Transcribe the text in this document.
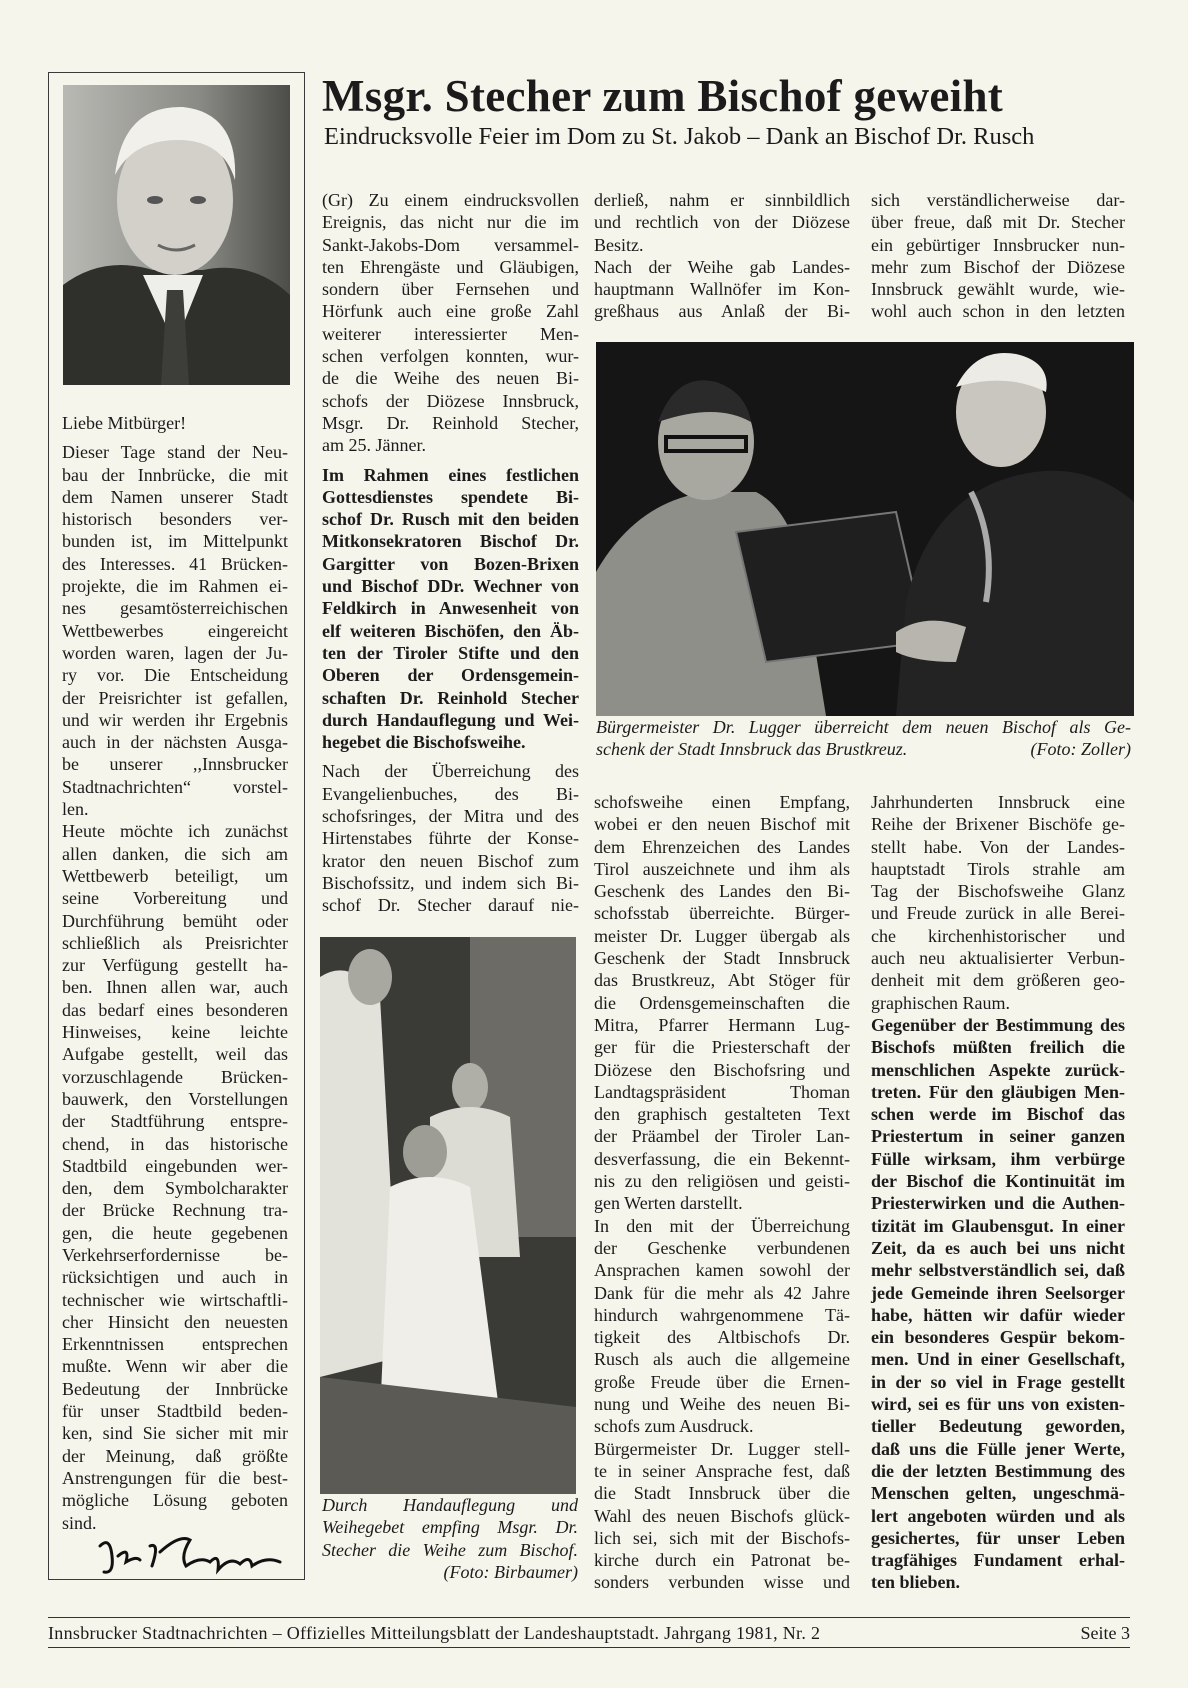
Msgr. Stecher zum Bischof geweiht
Eindrucksvolle Feier im Dom zu St. Jakob – Dank an Bischof Dr. Rusch
Liebe Mitbürger!
Dieser Tage stand der Neu-
bau der Innbrücke, die mit
dem Namen unserer Stadt
historisch besonders ver-
bunden ist, im Mittelpunkt
des Interesses. 41 Brücken-
projekte, die im Rahmen ei-
nes gesamtösterreichischen
Wettbewerbes eingereicht
worden waren, lagen der Ju-
ry vor. Die Entscheidung
der Preisrichter ist gefallen,
und wir werden ihr Ergebnis
auch in der nächsten Ausga-
be unserer ,,Innsbrucker
Stadtnachrichten“ vorstel-
len.
Heute möchte ich zunächst
allen danken, die sich am
Wettbewerb beteiligt, um
seine Vorbereitung und
Durchführung bemüht oder
schließlich als Preisrichter
zur Verfügung gestellt ha-
ben. Ihnen allen war, auch
das bedarf eines besonderen
Hinweises, keine leichte
Aufgabe gestellt, weil das
vorzuschlagende Brücken-
bauwerk, den Vorstellungen
der Stadtführung entspre-
chend, in das historische
Stadtbild eingebunden wer-
den, dem Symbolcharakter
der Brücke Rechnung tra-
gen, die heute gegebenen
Verkehrserfordernisse be-
rücksichtigen und auch in
technischer wie wirtschaftli-
cher Hinsicht den neuesten
Erkenntnissen entsprechen
mußte. Wenn wir aber die
Bedeutung der Innbrücke
für unser Stadtbild beden-
ken, sind Sie sicher mit mir
der Meinung, daß größte
Anstrengungen für die best-
mögliche Lösung geboten
sind.
(Gr) Zu einem eindrucksvollen
Ereignis, das nicht nur die im
Sankt-Jakobs-Dom versammel-
ten Ehrengäste und Gläubigen,
sondern über Fernsehen und
Hörfunk auch eine große Zahl
weiterer interessierter Men-
schen verfolgen konnten, wur-
de die Weihe des neuen Bi-
schofs der Diözese Innsbruck,
Msgr. Dr. Reinhold Stecher,
am 25. Jänner.
Im Rahmen eines festlichen
Gottesdienstes spendete Bi-
schof Dr. Rusch mit den beiden
Mitkonsekratoren Bischof Dr.
Gargitter von Bozen-Brixen
und Bischof DDr. Wechner von
Feldkirch in Anwesenheit von
elf weiteren Bischöfen, den Äb-
ten der Tiroler Stifte und den
Oberen der Ordensgemein-
schaften Dr. Reinhold Stecher
durch Handauflegung und Wei-
hegebet die Bischofsweihe.
Nach der Überreichung des
Evangelienbuches, des Bi-
schofsringes, der Mitra und des
Hirtenstabes führte der Konse-
krator den neuen Bischof zum
Bischofssitz, und indem sich Bi-
schof Dr. Stecher darauf nie-
derließ, nahm er sinnbildlich
und rechtlich von der Diözese
Besitz.
Nach der Weihe gab Landes-
hauptmann Wallnöfer im Kon-
greßhaus aus Anlaß der Bi-
sich verständlicherweise dar-
über freue, daß mit Dr. Stecher
ein gebürtiger Innsbrucker nun-
mehr zum Bischof der Diözese
Innsbruck gewählt wurde, wie-
wohl auch schon in den letzten
schofsweihe einen Empfang,
wobei er den neuen Bischof mit
dem Ehrenzeichen des Landes
Tirol auszeichnete und ihm als
Geschenk des Landes den Bi-
schofsstab überreichte. Bürger-
meister Dr. Lugger übergab als
Geschenk der Stadt Innsbruck
das Brustkreuz, Abt Stöger für
die Ordensgemeinschaften die
Mitra, Pfarrer Hermann Lug-
ger für die Priesterschaft der
Diözese den Bischofsring und
Landtagspräsident Thoman
den graphisch gestalteten Text
der Präambel der Tiroler Lan-
desverfassung, die ein Bekennt-
nis zu den religiösen und geisti-
gen Werten darstellt.
In den mit der Überreichung
der Geschenke verbundenen
Ansprachen kamen sowohl der
Dank für die mehr als 42 Jahre
hindurch wahrgenommene Tä-
tigkeit des Altbischofs Dr.
Rusch als auch die allgemeine
große Freude über die Ernen-
nung und Weihe des neuen Bi-
schofs zum Ausdruck.
Bürgermeister Dr. Lugger stell-
te in seiner Ansprache fest, daß
die Stadt Innsbruck über die
Wahl des neuen Bischofs glück-
lich sei, sich mit der Bischofs-
kirche durch ein Patronat be-
sonders verbunden wisse und
Jahrhunderten Innsbruck eine
Reihe der Brixener Bischöfe ge-
stellt habe. Von der Landes-
hauptstadt Tirols strahle am
Tag der Bischofsweihe Glanz
und Freude zurück in alle Berei-
che kirchenhistorischer und
auch neu aktualisierter Verbun-
denheit mit dem größeren geo-
graphischen Raum.
Gegenüber der Bestimmung des
Bischofs müßten freilich die
menschlichen Aspekte zurück-
treten. Für den gläubigen Men-
schen werde im Bischof das
Priestertum in seiner ganzen
Fülle wirksam, ihm verbürge
der Bischof die Kontinuität im
Priesterwirken und die Authen-
tizität im Glaubensgut. In einer
Zeit, da es auch bei uns nicht
mehr selbstverständlich sei, daß
jede Gemeinde ihren Seelsorger
habe, hätten wir dafür wieder
ein besonderes Gespür bekom-
men. Und in einer Gesellschaft,
in der so viel in Frage gestellt
wird, sei es für uns von existen-
tieller Bedeutung geworden,
daß uns die Fülle jener Werte,
die der letzten Bestimmung des
Menschen gelten, ungeschmä-
lert angeboten würden und als
gesichertes, für unser Leben
tragfähiges Fundament erhal-
ten blieben.
Bürgermeister Dr. Lugger überreicht dem neuen Bischof als Ge-
schenk der Stadt Innsbruck das Brustkreuz.	(Foto: Zoller)
Durch Handauflegung und
Weihegebet empfing Msgr. Dr.
Stecher die Weihe zum Bischof.
(Foto: Birbaumer)
Innsbrucker Stadtnachrichten – Offizielles Mitteilungsblatt der Landeshauptstadt. Jahrgang 1981, Nr. 2	Seite 3
